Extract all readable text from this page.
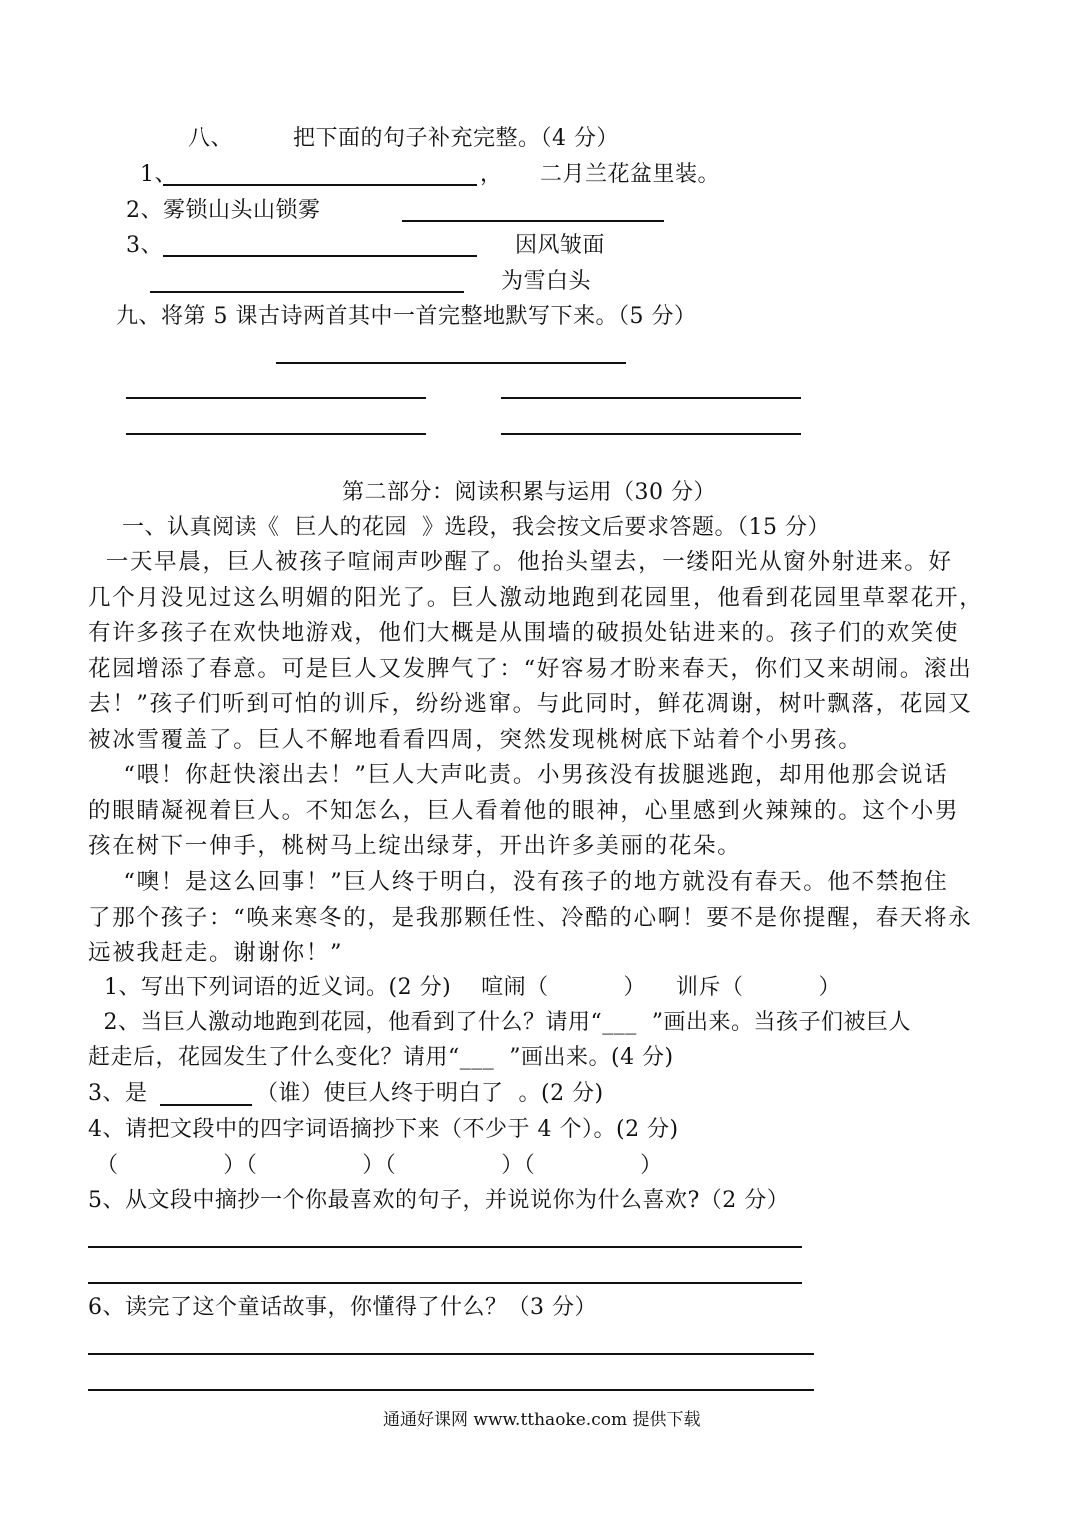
八、        把下面的句子补充完整。（4 分）
1、	，     二月兰花盆里装。
2、雾锁山头山锁雾
3、	因风皱面
为雪白头
九、将第 5 课古诗两首其中一首完整地默写下来。（5 分）
第二部分：阅读积累与运用（30 分）
一、认真阅读《  巨人的花园  》选段，我会按文后要求答题。（15 分）
一天早晨，巨人被孩子喧闹声吵醒了。他抬头望去，一缕阳光从窗外射进来。好
几个月没见过这么明媚的阳光了。巨人激动地跑到花园里，他看到花园里草翠花开，
有许多孩子在欢快地游戏，他们大概是从围墙的破损处钻进来的。孩子们的欢笑使
花园增添了春意。可是巨人又发脾气了：“好容易才盼来春天，你们又来胡闹。滚出
去！”孩子们听到可怕的训斥，纷纷逃窜。与此同时，鲜花凋谢，树叶飘落，花园又
被冰雪覆盖了。巨人不解地看看四周，突然发现桃树底下站着个小男孩。
“喂！你赶快滚出去！”巨人大声叱责。小男孩没有拔腿逃跑，却用他那会说话
的眼睛凝视着巨人。不知怎么，巨人看着他的眼神，心里感到火辣辣的。这个小男
孩在树下一伸手，桃树马上绽出绿芽，开出许多美丽的花朵。
“噢！是这么回事！”巨人终于明白，没有孩子的地方就没有春天。他不禁抱住
了那个孩子：“唤来寒冬的，是我那颗任性、冷酷的心啊！要不是你提醒，春天将永
远被我赶走。谢谢你！”
1、写出下列词语的近义词。(2 分)    喧闹（          ）    训斥（          ）
2、当巨人激动地跑到花园，他看到了什么？请用“___  ”画出来。当孩子们被巨人
赶走后，花园发生了什么变化？请用“___  ”画出来。(4 分)
3、是	（谁）使巨人终于明白了  。(2 分)
4、请把文段中的四字词语摘抄下来（不少于 4 个）。(2 分)
（              ）（              ）（              ）（              ）
5、从文段中摘抄一个你最喜欢的句子，并说说你为什么喜欢?（2 分）
6、读完了这个童话故事，你懂得了什么？（3 分）
通通好课网 www.tthaoke.com 提供下载
